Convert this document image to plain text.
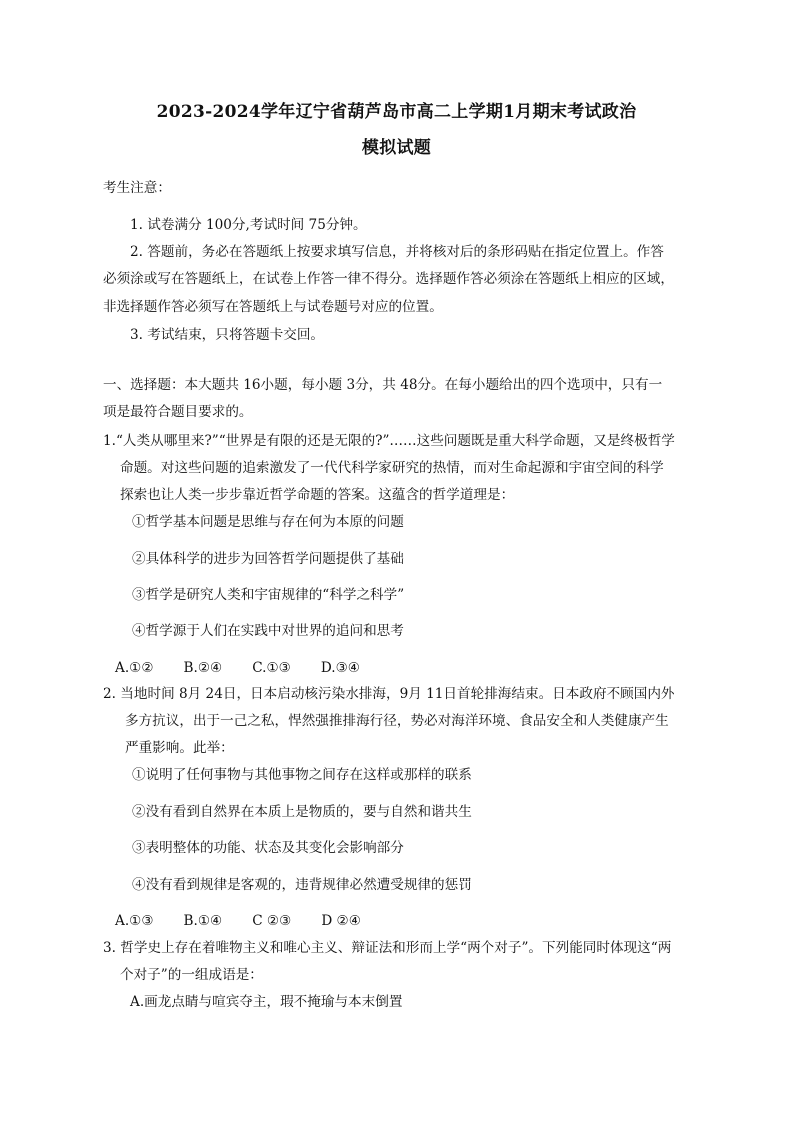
2023-2024学年辽宁省葫芦岛市高二上学期1月期末考试政治
模拟试题
考生注意：
1. 试卷满分 100分,考试时间 75分钟。
2. 答题前，务必在答题纸上按要求填写信息，并将核对后的条形码贴在指定位置上。作答
必须涂或写在答题纸上，在试卷上作答一律不得分。选择题作答必须涂在答题纸上相应的区域，
非选择题作答必须写在答题纸上与试卷题号对应的位置。
3. 考试结束，只将答题卡交回。
一、选择题：本大题共 16小题，每小题 3分，共 48分。在每小题给出的四个选项中，只有一
项是最符合题目要求的。
1.“人类从哪里来?”“世界是有限的还是无限的?”……这些问题既是重大科学命题，又是终极哲学
命题。对这些问题的追索激发了一代代科学家研究的热情，而对生命起源和宇宙空间的科学
探索也让人类一步步靠近哲学命题的答案。这蕴含的哲学道理是：
①哲学基本问题是思维与存在何为本原的问题
②具体科学的进步为回答哲学问题提供了基础
③哲学是研究人类和宇宙规律的“科学之科学”
④哲学源于人们在实践中对世界的追问和思考
A.①② B.②④ C.①③ D.③④
2. 当地时间 8月 24日，日本启动核污染水排海，9月 11日首轮排海结束。日本政府不顾国内外
多方抗议，出于一己之私，悍然强推排海行径，势必对海洋环境、食品安全和人类健康产生
严重影响。此举：
①说明了任何事物与其他事物之间存在这样或那样的联系
②没有看到自然界在本质上是物质的，要与自然和谐共生
③表明整体的功能、状态及其变化会影响部分
④没有看到规律是客观的，违背规律必然遭受规律的惩罚
A.①③ B.①④ C ②③ D ②④
3. 哲学史上存在着唯物主义和唯心主义、辩证法和形而上学“两个对子”。下列能同时体现这“两
个对子”的一组成语是：
A.画龙点睛与喧宾夺主，瑕不掩瑜与本末倒置
